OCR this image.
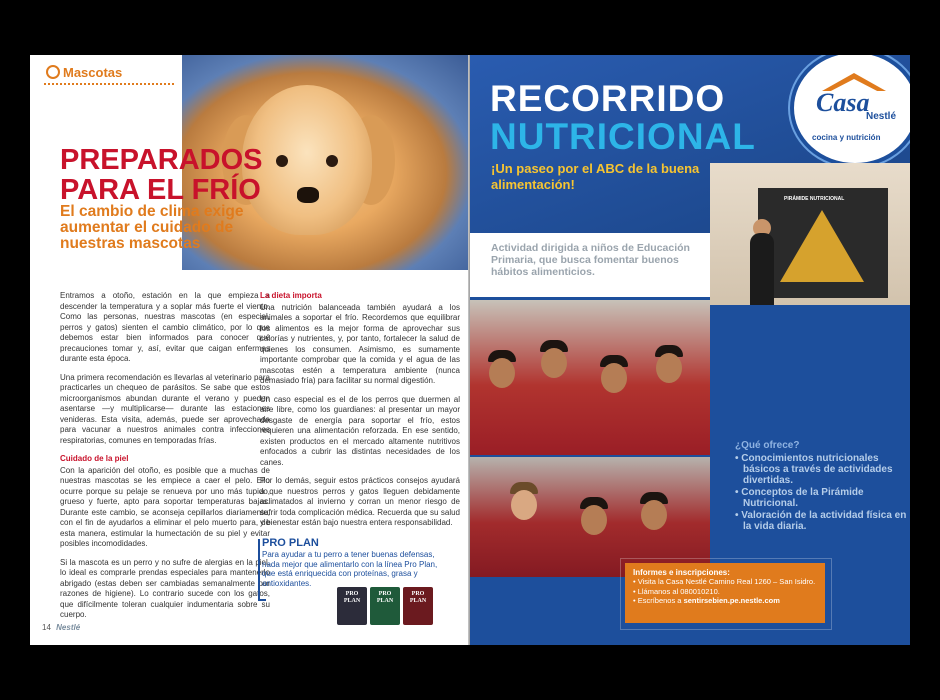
Mascotas
PREPARADOS PARA EL FRÍO
El cambio de clima exige aumentar el cuidado de nuestras mascotas

Entramos a otoño, estación en la que empieza a descender la temperatura y a soplar más fuerte el viento. Como las personas, nuestras mascotas (en especial, perros y gatos) sienten el cambio climático, por lo que debemos estar bien informados para conocer qué precauciones tomar y, así, evitar que caigan enfermas durante esta época.

Una primera recomendación es llevarlas al veterinario para practicarles un chequeo de parásitos. Se sabe que estos microorganismos abundan durante el verano y pueden asentarse —y multiplicarse— durante las estaciones venideras. Esta visita, además, puede ser aprovechada para vacunar a nuestros animales contra infecciones respiratorias, comunes en temporadas frías.

Cuidado de la piel

Con la aparición del otoño, es posible que a muchas de nuestras mascotas se les empiece a caer el pelo. Ello ocurre porque su pelaje se renueva por uno más tupido, grueso y fuerte, apto para soportar temperaturas bajas. Durante este cambio, se aconseja cepillarlos diariamente, con el fin de ayudarlos a eliminar el pelo muerto para, de esta manera, estimular la humectación de su piel y evitar posibles incomodidades.

Si la mascota es un perro y no sufre de alergias en la piel, lo ideal es comprarle prendas especiales para mantenerlo abrigado (estas deben ser cambiadas semanalmente por razones de higiene). Lo contrario sucede con los gatos, que difícilmente toleran cualquier indumentaria sobre su cuerpo.

La dieta importa

Una nutrición balanceada también ayudará a los animales a soportar el frío. Recordemos que equilibrar los alimentos es la mejor forma de aprovechar sus calorías y nutrientes, y, por tanto, fortalecer la salud de quienes los consumen. Asimismo, es sumamente importante comprobar que la comida y el agua de las mascotas estén a temperatura ambiente (nunca demasiado fría) para facilitar su normal digestión.

Un caso especial es el de los perros que duermen al aire libre, como los guardianes: al presentar un mayor desgaste de energía para soportar el frío, estos requieren una alimentación reforzada. En ese sentido, existen productos en el mercado altamente nutritivos enfocados a cubrir las distintas necesidades de los canes.

Por lo demás, seguir estos prácticos consejos ayudará a que nuestros perros y gatos lleguen debidamente aclimatados al invierno y corran un menor riesgo de sufrir toda complicación médica. Recuerda que su salud y bienestar están bajo nuestra entera responsabilidad.

PRO PLAN

Para ayudar a tu perro a tener buenas defensas, nada mejor que alimentarlo con la línea Pro Plan, que está enriquecida con proteínas, grasa y antioxidantes.

PRO PLAN
PRO PLAN
PRO PLAN
14 Nestlé
RECORRIDO
NUTRICIONAL

¡Un paseo por el ABC de la buena alimentación!

Casa
Nestlé
cocina y nutrición

Actividad dirigida a niños de Educación Primaria, que busca fomentar buenos hábitos alimenticios.

PIRÁMIDE NUTRICIONAL
¿Qué ofrece?
• Conocimientos nutricionales básicos a través de actividades divertidas.
• Conceptos de la Pirámide Nutricional.
• Valoración de la actividad física en la vida diaria.
Informes e inscripciones:
• Visita la Casa Nestlé Camino Real 1260 – San Isidro.
• Llámanos al 080010210.
• Escríbenos a sentirsebien.pe.nestle.com
